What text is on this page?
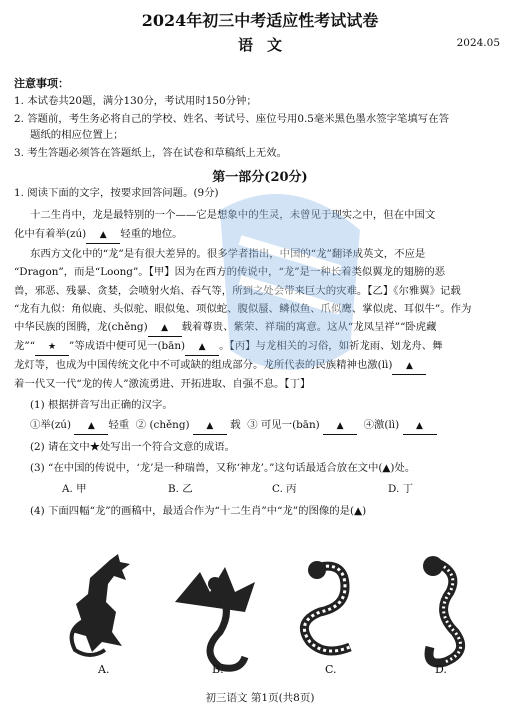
2024年初三中考适应性考试试卷
语文	2024.05
注意事项：
1. 本试卷共20题，满分130分，考试用时150分钟；
2. 答题前，考生务必将自己的学校、姓名、考试号、座位号用0.5毫米黑色墨水签字笔填写在答
题纸的相应位置上；
3. 考生答题必须答在答题纸上，答在试卷和草稿纸上无效。
第一部分(20分)
1. 阅读下面的文字，按要求回答问题。(9分)
十二生肖中，龙是最特别的一个——它是想象中的生灵，未曾见于现实之中，但在中国文
化中有着举(zú) ▲ 轻重的地位。
东西方文化中的“龙”是有很大差异的。很多学者指出，中国的“龙”翻译成英文，不应是
“Dragon”，而是“Loong”。【甲】因为在西方的传说中，“龙”是一种长着类似翼龙的翅膀的恶
兽，邪恶、残暴、贪婪，会喷射火焰、吞气等，所到之处会带来巨大的灾难。【乙】《尔雅翼》记载
“龙有九似：角似鹿、头似驼、眼似兔、项似蛇、腹似蜃、鳞似鱼、爪似鹰、掌似虎、耳似牛”。作为
中华民族的图腾，龙(chěng) ▲ 载着尊贵、紫荣、祥瑞的寓意。这从“龙凤呈祥”“卧虎藏
龙”“ ★ ”等成语中便可见一(bān) ▲ 。【丙】与龙相关的习俗，如祈龙雨、划龙舟、舞
龙灯等，也成为中国传统文化中不可或缺的组成部分。龙所代表的民族精神也激(lì) ▲
着一代又一代“龙的传人”激流勇进、开拓进取、自强不息。【丁】
(1) 根据拼音写出正确的汉字。
①举(zú) ▲ 轻重 ② (chěng) ▲ 载 ③ 可见一(bān) ▲ ④激(lì) ▲
(2) 请在文中★处写出一个符合文意的成语。
(3) “在中国的传说中，‘龙’是一种瑞兽，又称‘神龙’。”这句话最适合放在文中(▲)处。
A. 甲	B. 乙	C. 丙	D. 丁
(4) 下面四幅“龙”的画稿中，最适合作为“十二生肖”中“龙”的图像的是(▲)
A.	B.	C.	D.
初三语文 第1页(共8页)
